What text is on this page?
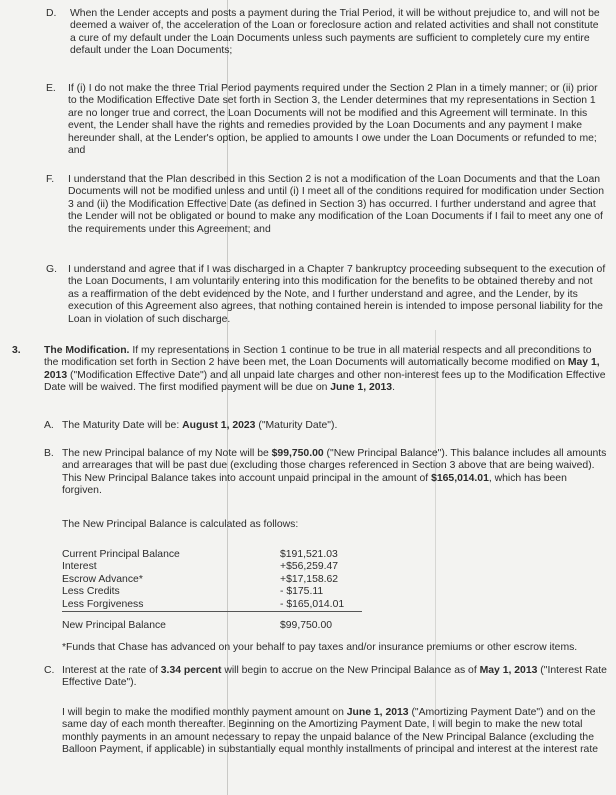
D. When the Lender accepts and posts a payment during the Trial Period, it will be without prejudice to, and will not be deemed a waiver of, the acceleration of the Loan or foreclosure action and related activities and shall not constitute a cure of my default under the Loan Documents unless such payments are sufficient to completely cure my entire default under the Loan Documents;

E. If (i) I do not make the three Trial Period payments required under the Section 2 Plan in a timely manner; or (ii) prior to the Modification Effective Date set forth in Section 3, the Lender determines that my representations in Section 1 are no longer true and correct, the Loan Documents will not be modified and this Agreement will terminate. In this event, the Lender shall have the rights and remedies provided by the Loan Documents and any payment I make hereunder shall, at the Lender's option, be applied to amounts I owe under the Loan Documents or refunded to me; and

F. I understand that the Plan described in this Section 2 is not a modification of the Loan Documents and that the Loan Documents will not be modified unless and until (i) I meet all of the conditions required for modification under Section 3 and (ii) the Modification Effective Date (as defined in Section 3) has occurred. I further understand and agree that the Lender will not be obligated or bound to make any modification of the Loan Documents if I fail to meet any one of the requirements under this Agreement; and

G. I understand and agree that if I was discharged in a Chapter 7 bankruptcy proceeding subsequent to the execution of the Loan Documents, I am voluntarily entering into this modification for the benefits to be obtained thereby and not as a reaffirmation of the debt evidenced by the Note, and I further understand and agree, and the Lender, by its execution of this Agreement also agrees, that nothing contained herein is intended to impose personal liability for the Loan in violation of such discharge.

3. The Modification. If my representations in Section 1 continue to be true in all material respects and all preconditions to the modification set forth in Section 2 have been met, the Loan Documents will automatically become modified on May 1, 2013 ("Modification Effective Date") and all unpaid late charges and other non-interest fees up to the Modification Effective Date will be waived. The first modified payment will be due on June 1, 2013.

A. The Maturity Date will be: August 1, 2023 ("Maturity Date").

B. The new Principal balance of my Note will be $99,750.00 ("New Principal Balance"). This balance includes all amounts and arrearages that will be past due (excluding those charges referenced in Section 3 above that are being waived). This New Principal Balance takes into account unpaid principal in the amount of $165,014.01, which has been forgiven.

The New Principal Balance is calculated as follows:

Current Principal Balance	$191,521.03
Interest	+$56,259.47
Escrow Advance*	+$17,158.62
Less Credits	- $175.11
Less Forgiveness	- $165,014.01
New Principal Balance	$99,750.00

*Funds that Chase has advanced on your behalf to pay taxes and/or insurance premiums or other escrow items.

C. Interest at the rate of 3.34 percent will begin to accrue on the New Principal Balance as of May 1, 2013 ("Interest Rate Effective Date").

I will begin to make the modified monthly payment amount on June 1, 2013 ("Amortizing Payment Date") and on the same day of each month thereafter. Beginning on the Amortizing Payment Date, I will begin to make the new total monthly payments in an amount necessary to repay the unpaid balance of the New Principal Balance (excluding the Balloon Payment, if applicable) in substantially equal monthly installments of principal and interest at the interest rate
